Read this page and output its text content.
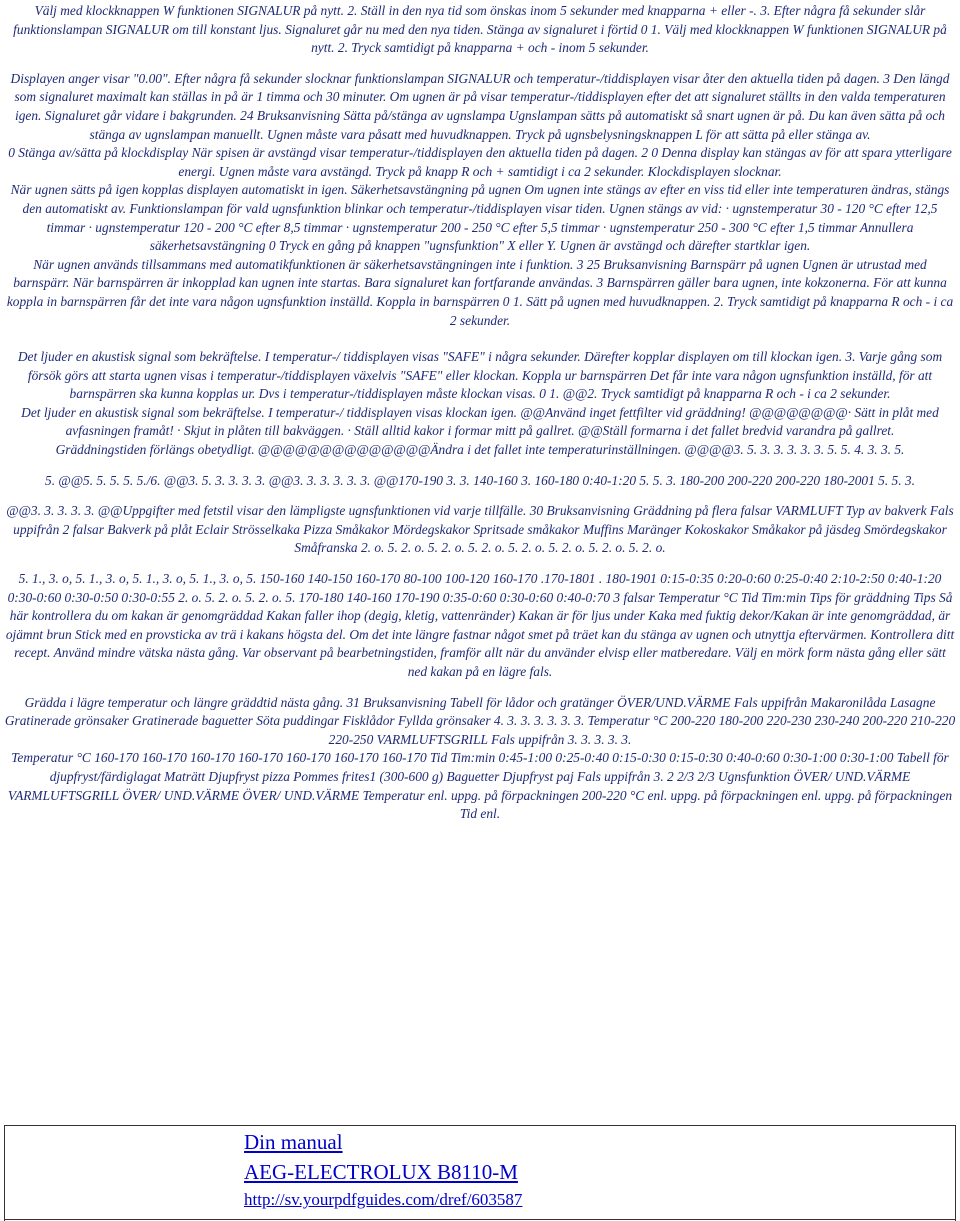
Välj med klockknappen W funktionen SIGNALUR på nytt. 2. Ställ in den nya tid som önskas inom 5 sekunder med knapparna + eller -. 3. Efter några få sekunder slår funktionslampan SIGNALUR om till konstant ljus. Signaluret går nu med den nya tiden. Stänga av signaluret i förtid 0 1. Välj med klockknappen W funktionen SIGNALUR på nytt. 2. Tryck samtidigt på knapparna + och - inom 5 sekunder.

Displayen anger visar "0.00". Efter några få sekunder slocknar funktionslampan SIGNALUR och temperatur-/tiddisplayen visar åter den aktuella tiden på dagen. 3 Den längd som signaluret maximalt kan ställas in på är 1 timma och 30 minuter. Om ugnen är på visar temperatur-/tiddisplayen efter det att signaluret ställts in den valda temperaturen igen. Signaluret går vidare i bakgrunden. 24 Bruksanvisning Sätta på/stänga av ugnslampa Ugnslampan sätts på automatiskt så snart ugnen är på. Du kan även sätta på och stänga av ugnslampan manuellt. Ugnen måste vara påsatt med huvudknappen. Tryck på ugnsbelysningsknappen L för att sätta på eller stänga av.

0 Stänga av/sätta på klockdisplay När spisen är avstängd visar temperatur-/tiddisplayen den aktuella tiden på dagen. 2 0 Denna display kan stängas av för att spara ytterligare energi. Ugnen måste vara avstängd. Tryck på knapp R och + samtidigt i ca 2 sekunder. Klockdisplayen slocknar.

När ugnen sätts på igen kopplas displayen automatiskt in igen. Säkerhetsavstängning på ugnen Om ugnen inte stängs av efter en viss tid eller inte temperaturen ändras, stängs den automatiskt av. Funktionslampan för vald ugnsfunktion blinkar och temperatur-/tiddisplayen visar tiden. Ugnen stängs av vid: · ugnstemperatur 30 - 120 °C efter 12,5 timmar · ugnstemperatur 120 - 200 °C efter 8,5 timmar · ugnstemperatur 200 - 250 °C efter 5,5 timmar · ugnstemperatur 250 - 300 °C efter 1,5 timmar Annullera säkerhetsavstängning 0 Tryck en gång på knappen "ugnsfunktion" X eller Y. Ugnen är avstängd och därefter startklar igen.

När ugnen används tillsammans med automatikfunktionen är säkerhetsavstängningen inte i funktion. 3 25 Bruksanvisning Barnspärr på ugnen Ugnen är utrustad med barnspärr. När barnspärren är inkopplad kan ugnen inte startas. Bara signaluret kan fortfarande användas. 3 Barnspärren gäller bara ugnen, inte kokzonerna. För att kunna koppla in barnspärren får det inte vara någon ugnsfunktion inställd. Koppla in barnspärren 0 1. Sätt på ugnen med huvudknappen. 2. Tryck samtidigt på knapparna R och - i ca 2 sekunder.

Det ljuder en akustisk signal som bekräftelse. I temperatur-/ tiddisplayen visas "SAFE" i några sekunder. Därefter kopplar displayen om till klockan igen. 3. Varje gång som försök görs att starta ugnen visas i temperatur-/tiddisplayen växelvis "SAFE" eller klockan. Koppla ur barnspärren Det får inte vara någon ugnsfunktion inställd, för att barnspärren ska kunna kopplas ur. Dvs i temperatur-/tiddisplayen måste klockan visas. 0 1. @@2. Tryck samtidigt på knapparna R och - i ca 2 sekunder.

Det ljuder en akustisk signal som bekräftelse. I temperatur-/ tiddisplayen visas klockan igen. @@Använd inget fettfilter vid gräddning! @@@@@@@@· Sätt in plåt med avfasningen framåt! · Skjut in plåten till bakväggen. · Ställ alltid kakor i formar mitt på gallret. @@Ställ formarna i det fallet bredvid varandra på gallret.

Gräddningstiden förlängs obetydligt. @@@@@@@@@@@@@@Ändra i det fallet inte temperaturinställningen. @@@@3. 5. 3. 3. 3. 3. 3. 5. 5. 4. 3. 3. 5.

5. @@5. 5. 5. 5. 5./6. @@3. 5. 3. 3. 3. 3. @@3. 3. 3. 3. 3. 3. @@170-190 3. 3. 140-160 3. 160-180 0:40-1:20 5. 5. 3. 180-200 200-220 200-220 180-2001 5. 5. 3.

@@3. 3. 3. 3. 3. @@Uppgifter med fetstil visar den lämpligste ugnsfunktionen vid varje tillfälle. 30 Bruksanvisning Gräddning på flera falsar VARMLUFT Typ av bakverk Fals uppifrån 2 falsar Bakverk på plåt Eclair Strösselkaka Pizza Småkakor Mördegskakor Spritsade småkakor Muffins Maränger Kokoskakor Småkakor på jäsdeg Smördegskakor Småfranska 2. o. 5. 2. o. 5. 2. o. 5. 2. o. 5. 2. o. 5. 2. o. 5. 2. o. 5. 2. o.

5. 1., 3. o, 5. 1., 3. o, 5. 1., 3. o, 5. 1., 3. o, 5. 150-160 140-150 160-170 80-100 100-120 160-170 .170-1801 . 180-1901 0:15-0:35 0:20-0:60 0:25-0:40 2:10-2:50 0:40-1:20 0:30-0:60 0:30-0:50 0:30-0:55 2. o. 5. 2. o. 5. 2. o. 5. 170-180 140-160 170-190 0:35-0:60 0:30-0:60 0:40-0:70 3 falsar Temperatur °C Tid Tim:min Tips för gräddning Tips Så här kontrollera du om kakan är genomgräddad Kakan faller ihop (degig, kletig, vattenränder) Kakan är för ljus under Kaka med fuktig dekor/Kakan är inte genomgräddad, är ojämnt brun Stick med en provsticka av trä i kakans högsta del. Om det inte längre fastnar något smet på träet kan du stänga av ugnen och utnyttja eftervärmen. Kontrollera ditt recept. Använd mindre vätska nästa gång. Var observant på bearbetningstiden, framför allt när du använder elvisp eller matberedare. Välj en mörk form nästa gång eller sätt ned kakan på en lägre fals.

Grädda i lägre temperatur och längre gräddtid nästa gång. 31 Bruksanvisning Tabell för lådor och gratänger ÖVER/UND.VÄRME Fals uppifrån Makaronilåda Lasagne Gratinerade grönsaker Gratinerade baguetter Söta puddingar Fisklådor Fyllda grönsaker 4. 3. 3. 3. 3. 3. 3. Temperatur °C 200-220 180-200 220-230 230-240 200-220 210-220 220-250 VARMLUFTSGRILL Fals uppifrån 3. 3. 3. 3. 3.

Temperatur °C 160-170 160-170 160-170 160-170 160-170 160-170 160-170 Tid Tim:min 0:45-1:00 0:25-0:40 0:15-0:30 0:15-0:30 0:40-0:60 0:30-1:00 0:30-1:00 Tabell för djupfryst/färdiglagat Maträtt Djupfryst pizza Pommes frites1 (300-600 g) Baguetter Djupfryst paj Fals uppifrån 3. 2 2/3 2/3 Ugnsfunktion ÖVER/ UND.VÄRME VARMLUFTSGRILL ÖVER/ UND.VÄRME ÖVER/ UND.VÄRME Temperatur enl. uppg. på förpackningen 200-220 °C enl. uppg. på förpackningen enl. uppg. på förpackningen Tid enl.

Din manual
AEG-ELECTROLUX B8110-M
http://sv.yourpdfguides.com/dref/603587
